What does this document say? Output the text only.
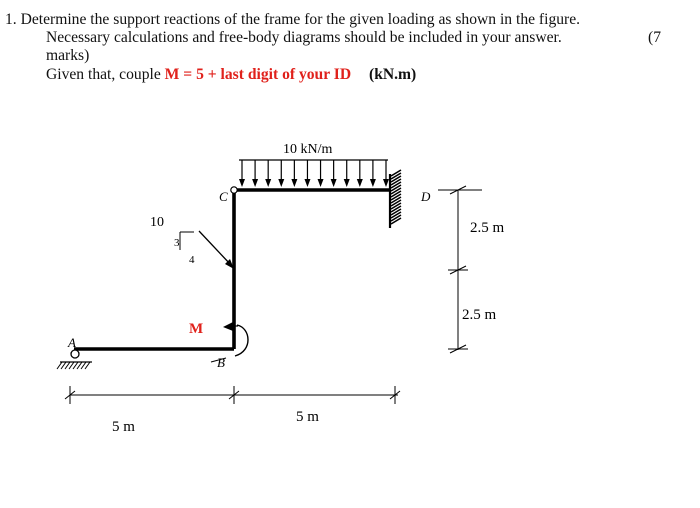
1. Determine the support reactions of the frame for the given loading as shown in the figure.
Necessary calculations and free-body diagrams should be included in your answer.	(7
marks)
Given that, couple M = 5 + last digit of your ID (kN.m)
10 kN/m
A
C	D
B
10
3
4
M
5 m
5 m
2.5 m
2.5 m
